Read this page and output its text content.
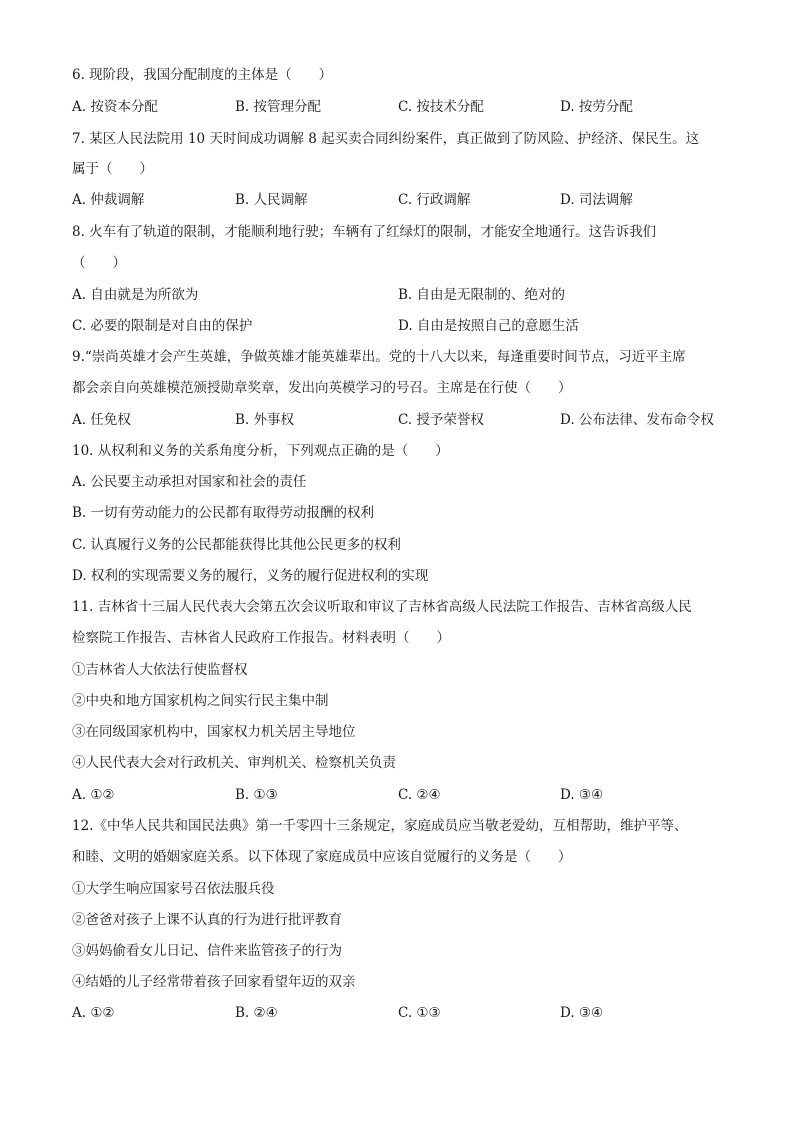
6. 现阶段，我国分配制度的主体是（　　）
A. 按资本分配	B. 按管理分配	C. 按技术分配	D. 按劳分配
7. 某区人民法院用 10 天时间成功调解 8 起买卖合同纠纷案件，真正做到了防风险、护经济、保民生。这
属于（　　）
A. 仲裁调解	B. 人民调解	C. 行政调解	D. 司法调解
8. 火车有了轨道的限制，才能顺利地行驶；车辆有了红绿灯的限制，才能安全地通行。这告诉我们
（　　）
A. 自由就是为所欲为	B. 自由是无限制的、绝对的
C. 必要的限制是对自由的保护	D. 自由是按照自己的意愿生活
9.“崇尚英雄才会产生英雄，争做英雄才能英雄辈出。党的十八大以来，每逢重要时间节点，习近平主席
都会亲自向英雄模范颁授勋章奖章，发出向英模学习的号召。主席是在行使（　　）
A. 任免权	B. 外事权	C. 授予荣誉权	D. 公布法律、发布命令权
10. 从权利和义务的关系角度分析，下列观点正确的是（　　）
A. 公民要主动承担对国家和社会的责任
B. 一切有劳动能力的公民都有取得劳动报酬的权利
C. 认真履行义务的公民都能获得比其他公民更多的权利
D. 权利的实现需要义务的履行，义务的履行促进权利的实现
11. 吉林省十三届人民代表大会第五次会议听取和审议了吉林省高级人民法院工作报告、吉林省高级人民
检察院工作报告、吉林省人民政府工作报告。材料表明（　　）
①吉林省人大依法行使监督权
②中央和地方国家机构之间实行民主集中制
③在同级国家机构中，国家权力机关居主导地位
④人民代表大会对行政机关、审判机关、检察机关负责
A. ①②	B. ①③	C. ②④	D. ③④
12.《中华人民共和国民法典》第一千零四十三条规定，家庭成员应当敬老爱幼，互相帮助，维护平等、
和睦、文明的婚姻家庭关系。以下体现了家庭成员中应该自觉履行的义务是（　　）
①大学生响应国家号召依法服兵役
②爸爸对孩子上课不认真的行为进行批评教育
③妈妈偷看女儿日记、信件来监管孩子的行为
④结婚的儿子经常带着孩子回家看望年迈的双亲
A. ①②	B. ②④	C. ①③	D. ③④
